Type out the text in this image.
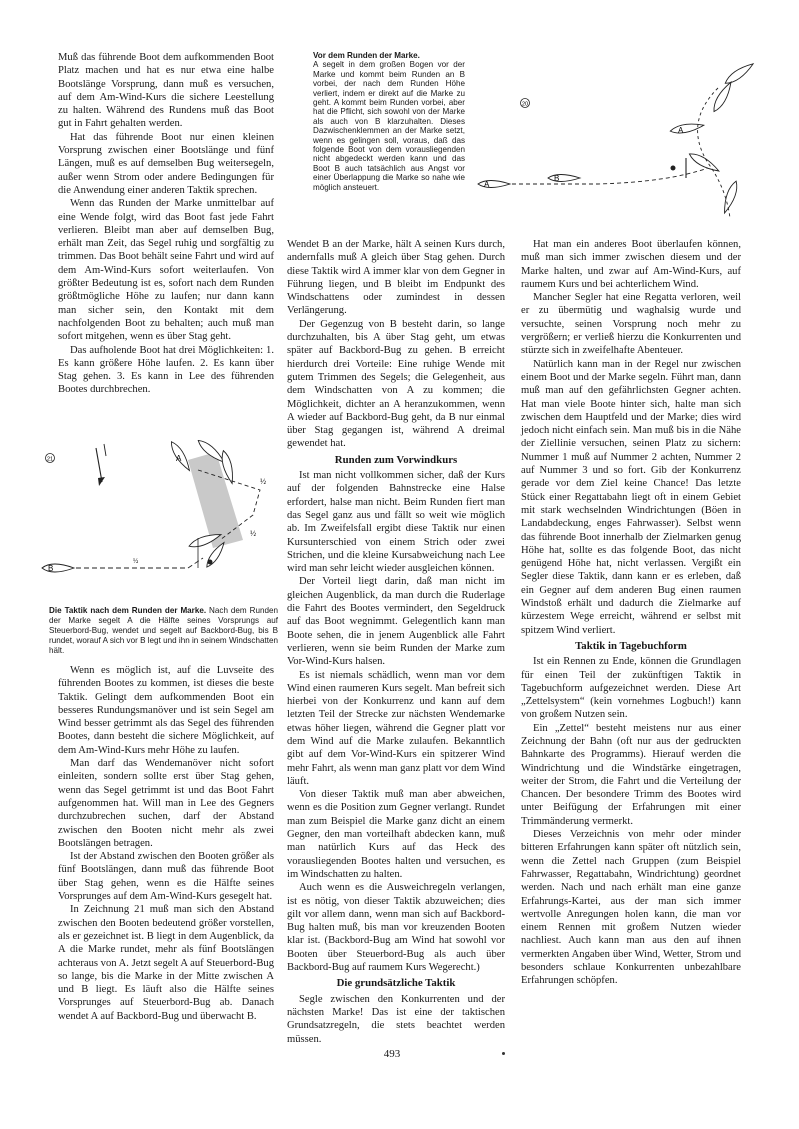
Muß das führende Boot dem aufkommenden Boot Platz machen und hat es nur etwa eine halbe Bootslänge Vorsprung, dann muß es versuchen, auf dem Am-Wind-Kurs die sichere Leestellung zu halten. Während des Rundens muß das Boot gut in Fahrt gehalten werden.

Hat das führende Boot nur einen kleinen Vorsprung zwischen einer Bootslänge und fünf Längen, muß es auf demselben Bug weitersegeln, außer wenn Strom oder andere Bedingungen für die Anwendung einer anderen Taktik sprechen.

Wenn das Runden der Marke unmittelbar auf eine Wende folgt, wird das Boot fast jede Fahrt verlieren. Bleibt man aber auf demselben Bug, erhält man Zeit, das Segel ruhig und sorgfältig zu trimmen. Das Boot behält seine Fahrt und wird auf dem Am-Wind-Kurs sofort weiterlaufen. Von größter Bedeutung ist es, sofort nach dem Runden größtmögliche Höhe zu laufen; nur dann kann man sicher sein, den Kontakt mit dem nachfolgenden Boot zu behalten; auch muß man sofort mitgehen, wenn es über Stag geht.

Das aufholende Boot hat drei Möglichkeiten: 1. Es kann größere Höhe laufen. 2. Es kann über Stag gehen. 3. Es kann in Lee des führenden Bootes durchbrechen.

21	A
½
½
½
B
Die Taktik nach dem Runden der Marke. Nach dem Runden der Marke segelt A die Hälfte seines Vorsprungs auf Steuerbord-Bug, wendet und segelt auf Backbord-Bug, bis B rundet, worauf A sich vor B legt und ihn in seinem Windschatten hält.

Wenn es möglich ist, auf die Luvseite des führenden Bootes zu kommen, ist dieses die beste Taktik. Gelingt dem aufkommenden Boot ein besseres Rundungsmanöver und ist sein Segel am Wind besser getrimmt als das Segel des führenden Bootes, dann besteht die sichere Möglichkeit, auf dem Am-Wind-Kurs mehr Höhe zu laufen.

Man darf das Wendemanöver nicht sofort einleiten, sondern sollte erst über Stag gehen, wenn das Segel getrimmt ist und das Boot Fahrt aufgenommen hat. Will man in Lee des Gegners durchzubrechen suchen, darf der Abstand zwischen den Booten nicht mehr als zwei Bootslängen betragen.

Ist der Abstand zwischen den Booten größer als fünf Bootslängen, dann muß das führende Boot über Stag gehen, wenn es die Hälfte seines Vorsprunges auf dem Am-Wind-Kurs gesegelt hat.

In Zeichnung 21 muß man sich den Abstand zwischen den Booten bedeutend größer vorstellen, als er gezeichnet ist. B liegt in dem Augenblick, da A die Marke rundet, mehr als fünf Bootslängen achteraus von A. Jetzt segelt A auf Steuerbord-Bug so lange, bis die Marke in der Mitte zwischen A und B liegt. Es läuft also die Hälfte seines Vorsprunges auf Steuerbord-Bug ab. Danach wendet A auf Backbord-Bug und überwacht B.

Vor dem Runden der Marke.
A segelt in dem großen Bogen vor der Marke und kommt beim Runden an B vorbei, der nach dem Runden Höhe verliert, indem er direkt auf die Marke zu geht. A kommt beim Runden vorbei, aber hat die Pflicht, sich sowohl von der Marke als auch von B klarzuhalten. Dieses Dazwischenklemmen an der Marke setzt, wenn es gelingen soll, voraus, daß das folgende Boot von dem vorausliegenden nicht abgedeckt werden kann und das Boot B auch tatsächlich aus Angst vor einer Überlappung die Marke so nahe wie möglich ansteuert.
20
A
A
B

Wendet B an der Marke, hält A seinen Kurs durch, andernfalls muß A gleich über Stag gehen. Durch diese Taktik wird A immer klar von dem Gegner in Führung liegen, und B bleibt im Endpunkt des Windschattens oder zumindest in dessen Verlängerung.

Der Gegenzug von B besteht darin, so lange durchzuhalten, bis A über Stag geht, um etwas später auf Backbord-Bug zu gehen. B erreicht hierdurch drei Vorteile: Eine ruhige Wende mit gutem Trimmen des Segels; die Gelegenheit, aus dem Windschatten von A zu kommen; die Möglichkeit, dichter an A heranzukommen, wenn A wieder auf Backbord-Bug geht, da B nur einmal über Stag gegangen ist, während A dreimal gewendet hat.

Runden zum Vorwindkurs

Ist man nicht vollkommen sicher, daß der Kurs auf der folgenden Bahnstrecke eine Halse erfordert, halse man nicht. Beim Runden fiert man das Segel ganz aus und fällt so weit wie möglich ab. Im Zweifelsfall ergibt diese Taktik nur einen Kursunterschied von einem Strich oder zwei Strichen, und die kleine Kursabweichung nach Lee wird man sehr leicht wieder ausgleichen können.

Der Vorteil liegt darin, daß man nicht im gleichen Augenblick, da man durch die Ruderlage die Fahrt des Bootes vermindert, den Segeldruck auf das Boot wegnimmt. Gelegentlich kann man Boote sehen, die in jenem Augenblick alle Fahrt verlieren, wenn sie beim Runden der Marke zum Vor-Wind-Kurs halsen.

Es ist niemals schädlich, wenn man vor dem Wind einen raumeren Kurs segelt. Man befreit sich hierbei von der Konkurrenz und kann auf dem letzten Teil der Strecke zur nächsten Wendemarke etwas höher liegen, während die Gegner platt vor dem Wind auf die Marke zulaufen. Bekanntlich gibt auf dem Vor-Wind-Kurs ein spitzerer Wind mehr Fahrt, als wenn man ganz platt vor dem Wind läuft.

Von dieser Taktik muß man aber abweichen, wenn es die Position zum Gegner verlangt. Rundet man zum Beispiel die Marke ganz dicht an einem Gegner, den man vorteilhaft abdecken kann, muß man natürlich Kurs auf das Heck des vorausliegenden Bootes halten und versuchen, es im Windschatten zu halten.

Auch wenn es die Ausweichregeln verlangen, ist es nötig, von dieser Taktik abzuweichen; dies gilt vor allem dann, wenn man sich auf Backbord-Bug halten muß, bis man vor kreuzenden Booten klar ist. (Backbord-Bug am Wind hat sowohl vor Booten über Steuerbord-Bug als auch über Backbord-Bug auf raumem Kurs Wegerecht.)

Die grundsätzliche Taktik

Segle zwischen den Konkurrenten und der nächsten Marke! Das ist eine der taktischen Grundsatzregeln, die stets beachtet werden müssen.

Hat man ein anderes Boot überlaufen können, muß man sich immer zwischen diesem und der Marke halten, und zwar auf Am-Wind-Kurs, auf raumem Kurs und bei achterlichem Wind.

Mancher Segler hat eine Regatta verloren, weil er zu übermütig und waghalsig wurde und versuchte, seinen Vorsprung noch mehr zu vergrößern; er verließ hierzu die Konkurrenten und stürzte sich in zweifelhafte Abenteuer.

Natürlich kann man in der Regel nur zwischen einem Boot und der Marke segeln. Führt man, dann muß man auf den gefährlichsten Gegner achten. Hat man viele Boote hinter sich, halte man sich zwischen dem Hauptfeld und der Marke; dies wird jedoch nicht einfach sein. Man muß bis in die Nähe der Ziellinie versuchen, seinen Platz zu sichern: Nummer 1 muß auf Nummer 2 achten, Nummer 2 auf Nummer 3 und so fort. Gib der Konkurrenz gerade vor dem Ziel keine Chance! Das letzte Stück einer Regattabahn liegt oft in einem Gebiet mit stark wechselnden Windrichtungen (Böen in Landabdeckung, enges Fahrwasser). Selbst wenn das führende Boot innerhalb der Zielmarken genug Höhe hat, sollte es das folgende Boot, das nicht genügend Höhe hat, nicht verlassen. Vergißt ein Segler diese Taktik, dann kann er es erleben, daß ein Gegner auf dem anderen Bug einen raumen Windstoß erhält und dadurch die Zielmarke auf kürzestem Wege erreicht, während er selbst mit spitzem Wind verliert.

Taktik in Tagebuchform

Ist ein Rennen zu Ende, können die Grundlagen für einen Teil der zukünftigen Taktik in Tagebuchform aufgezeichnet werden. Diese Art „Zettelsystem“ (kein vornehmes Logbuch!) kann von großem Nutzen sein.

Ein „Zettel“ besteht meistens nur aus einer Zeichnung der Bahn (oft nur aus der gedruckten Bahnkarte des Programms). Hierauf werden die Windrichtung und die Windstärke eingetragen, weiter der Strom, die Fahrt und die Verteilung der Chancen. Der besondere Trimm des Bootes wird unter Beifügung der Erfahrungen mit einer Trimmänderung vermerkt.

Dieses Verzeichnis von mehr oder minder bitteren Erfahrungen kann später oft nützlich sein, wenn die Zettel nach Gruppen (zum Beispiel Fahrwasser, Regattabahn, Windrichtung) geordnet werden. Nach und nach erhält man eine ganze Erfahrungs-Kartei, aus der man sich immer wertvolle Anregungen holen kann, die man vor einem Rennen mit großem Nutzen wieder nachliest. Auch kann man aus den auf ihnen vermerkten Angaben über Wind, Wetter, Strom und besonders schlaue Konkurrenten unbezahlbare Erfahrungen schöpfen.

493
